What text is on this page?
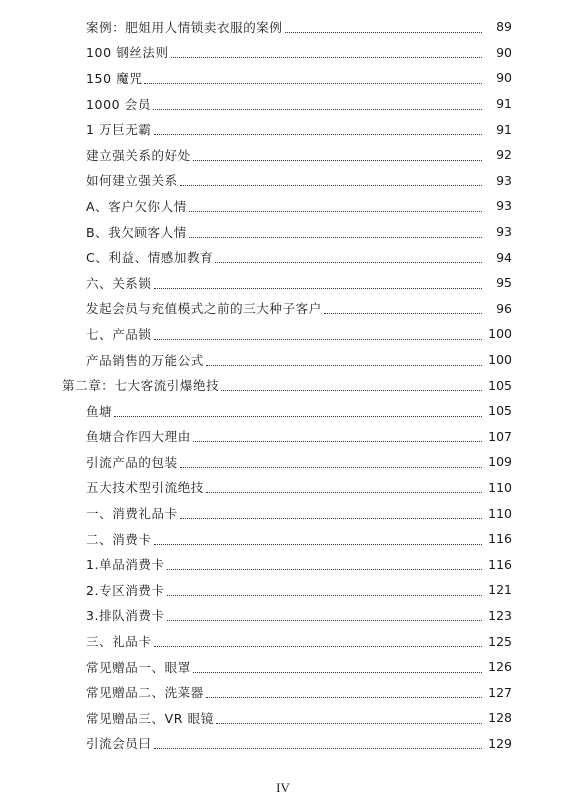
案例：肥姐用人情锁卖衣服的案例	89
100 钢丝法则	90
150 魔咒	90
1000 会员	91
1 万巨无霸	91
建立强关系的好处	92
如何建立强关系	93
A、客户欠你人情	93
B、我欠顾客人情	93
C、利益、情感加教育	94
六、关系锁	95
发起会员与充值模式之前的三大种子客户	96
七、产品锁	100
产品销售的万能公式	100
第二章：七大客流引爆绝技	105
鱼塘	105
鱼塘合作四大理由	107
引流产品的包装	109
五大技术型引流绝技	110
一、消费礼品卡	110
二、消费卡	116
1.单品消费卡	116
2.专区消费卡	121
3.排队消费卡	123
三、礼品卡	125
常见赠品一、眼罩	126
常见赠品二、洗菜器	127
常见赠品三、VR 眼镜	128
引流会员曰	129
IV
